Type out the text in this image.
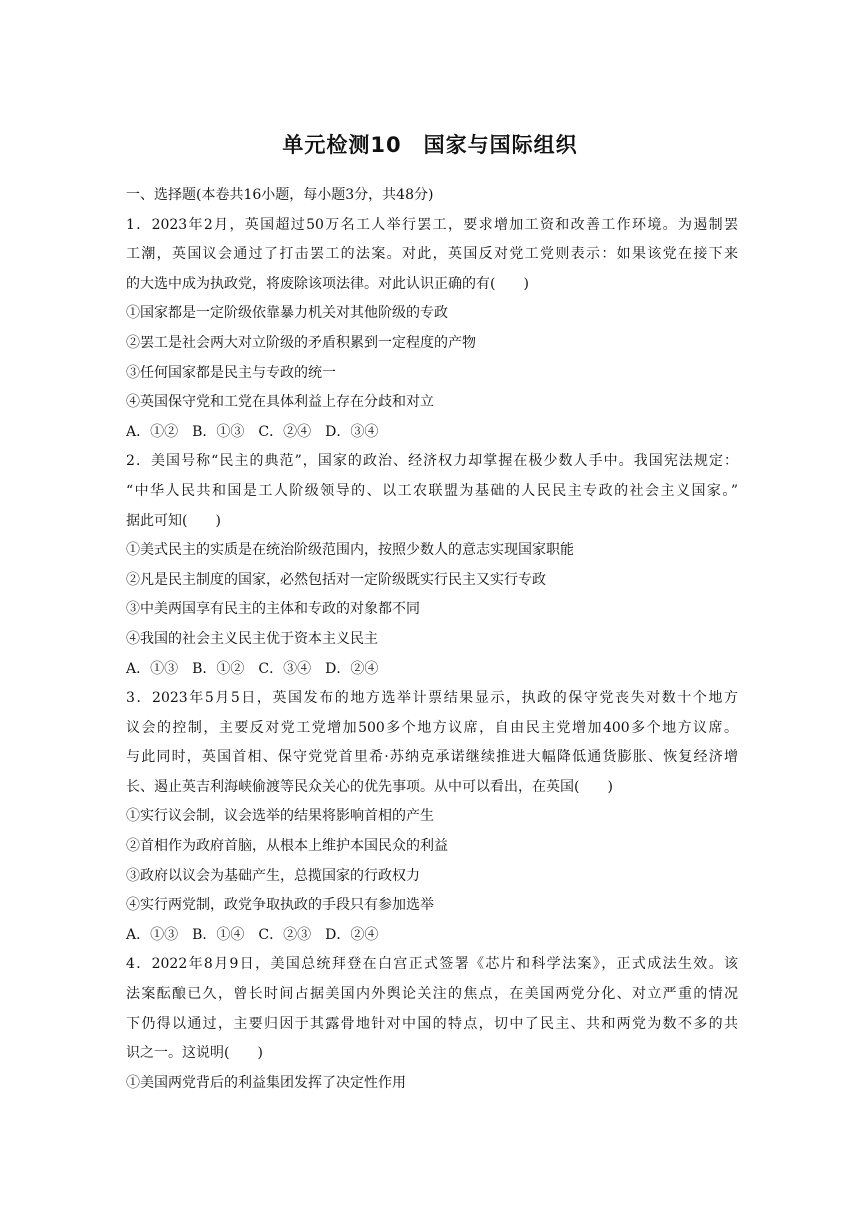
单元检测10　国家与国际组织
一、选择题(本卷共16小题，每小题3分，共48分)
1．2023年2月，英国超过50万名工人举行罢工，要求增加工资和改善工作环境。为遏制罢
工潮，英国议会通过了打击罢工的法案。对此，英国反对党工党则表示：如果该党在接下来
的大选中成为执政党，将废除该项法律。对此认识正确的有(　　)
①国家都是一定阶级依靠暴力机关对其他阶级的专政
②罢工是社会两大对立阶级的矛盾积累到一定程度的产物
③任何国家都是民主与专政的统一
④英国保守党和工党在具体利益上存在分歧和对立
A．①②　B．①③　C．②④　D．③④
2．美国号称“民主的典范”，国家的政治、经济权力却掌握在极少数人手中。我国宪法规定：
“中华人民共和国是工人阶级领导的、以工农联盟为基础的人民民主专政的社会主义国家。”
据此可知(　　)
①美式民主的实质是在统治阶级范围内，按照少数人的意志实现国家职能
②凡是民主制度的国家，必然包括对一定阶级既实行民主又实行专政
③中美两国享有民主的主体和专政的对象都不同
④我国的社会主义民主优于资本主义民主
A．①③　B．①②　C．③④　D．②④
3．2023年5月5日，英国发布的地方选举计票结果显示，执政的保守党丧失对数十个地方
议会的控制，主要反对党工党增加500多个地方议席，自由民主党增加400多个地方议席。
与此同时，英国首相、保守党党首里希·苏纳克承诺继续推进大幅降低通货膨胀、恢复经济增
长、遏止英吉利海峡偷渡等民众关心的优先事项。从中可以看出，在英国(　　)
①实行议会制，议会选举的结果将影响首相的产生
②首相作为政府首脑，从根本上维护本国民众的利益
③政府以议会为基础产生，总揽国家的行政权力
④实行两党制，政党争取执政的手段只有参加选举
A．①③　B．①④　C．②③　D．②④
4．2022年8月9日，美国总统拜登在白宫正式签署《芯片和科学法案》，正式成法生效。该
法案酝酿已久，曾长时间占据美国内外舆论关注的焦点，在美国两党分化、对立严重的情况
下仍得以通过，主要归因于其露骨地针对中国的特点，切中了民主、共和两党为数不多的共
识之一。这说明(　　)
①美国两党背后的利益集团发挥了决定性作用
